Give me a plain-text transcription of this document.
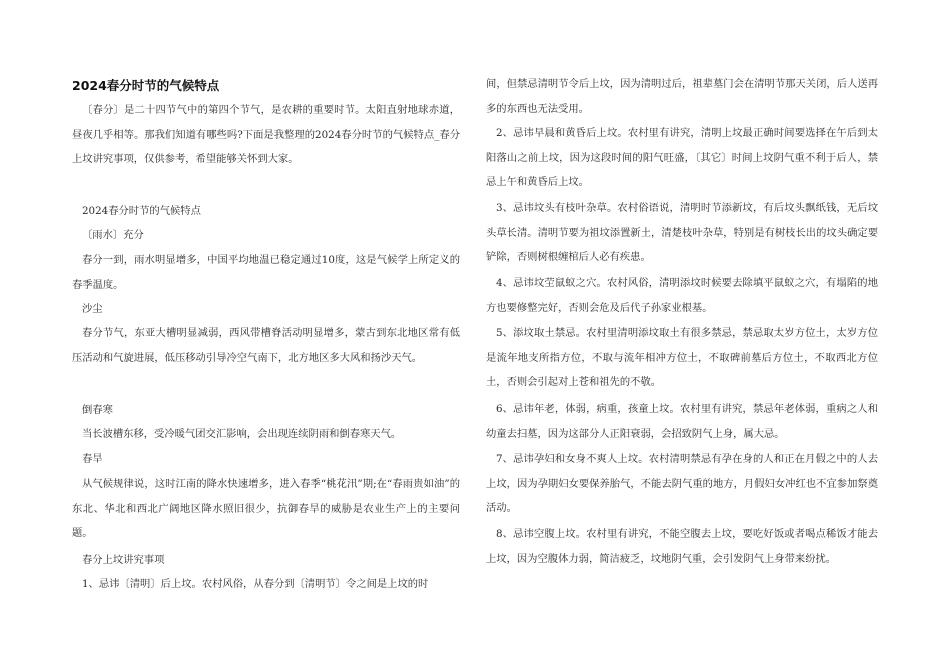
2024春分时节的气候特点
〔春分〕是二十四节气中的第四个节气，是农耕的重要时节。太阳直射地球赤道，昼夜几乎相等。那我们知道有哪些吗?下面是我整理的2024春分时节的气候特点_春分上坟讲究事项，仅供参考，希望能够关怀到大家。
2024春分时节的气候特点
〔雨水〕充分
春分一到，雨水明显增多，中国平均地温已稳定通过10度，这是气候学上所定义的春季温度。
沙尘
春分节气，东亚大槽明显减弱，西风带槽脊活动明显增多，蒙古到东北地区常有低压活动和气旋进展，低压移动引导冷空气南下，北方地区多大风和扬沙天气。
倒春寒
当长波槽东移，受冷暖气团交汇影响，会出现连续阴雨和倒春寒天气。
春旱
从气候规律说，这时江南的降水快速增多，进入春季“桃花汛”期;在“春雨贵如油”的东北、华北和西北广阔地区降水照旧很少，抗御春旱的威胁是农业生产上的主要问题。
春分上坟讲究事项
1、忌讳〔清明〕后上坟。农村风俗，从春分到〔清明节〕令之间是上坟的时
间，但禁忌清明节令后上坟，因为清明过后，祖辈墓门会在清明节那天关闭，后人送再多的东西也无法受用。
2、忌讳早晨和黄昏后上坟。农村里有讲究，清明上坟最正确时间要选择在午后到太阳落山之前上坟，因为这段时间的阳气旺盛，〔其它〕时间上坟阴气重不利于后人，禁忌上午和黄昏后上坟。
3、忌讳坟头有枝叶杂草。农村俗语说，清明时节添新坟，有后坟头飘纸钱，无后坟头草长清。清明节要为祖坟添置新土，清楚枝叶杂草，特别是有树枝长出的坟头确定要铲除，否则树根缠棺后人必有疾患。
4、忌讳坟茔鼠蚁之穴。农村风俗，清明添坟时候要去除填平鼠蚁之穴，有塌陷的地方也要修整完好，否则会危及后代子孙家业根基。
5、添坟取土禁忌。农村里清明添坟取土有很多禁忌，禁忌取太岁方位土，太岁方位是流年地支所指方位，不取与流年相冲方位土，不取碑前墓后方位土，不取西北方位土，否则会引起对上苍和祖先的不敬。
6、忌讳年老，体弱，病重，孩童上坟。农村里有讲究，禁忌年老体弱，重病之人和幼童去扫墓，因为这部分人正阳衰弱，会招致阴气上身，属大忌。
7、忌讳孕妇和女身不爽人上坟。农村清明禁忌有孕在身的人和正在月假之中的人去上坟，因为孕期妇女要保养胎气，不能去阴气重的地方，月假妇女冲红也不宜参加祭奠活动。
8、忌讳空腹上坟。农村里有讲究，不能空腹去上坟，要吃好饭或者喝点稀饭才能去上坟，因为空腹体力弱，简洁疲乏，坟地阴气重，会引发阴气上身带来纷扰。
